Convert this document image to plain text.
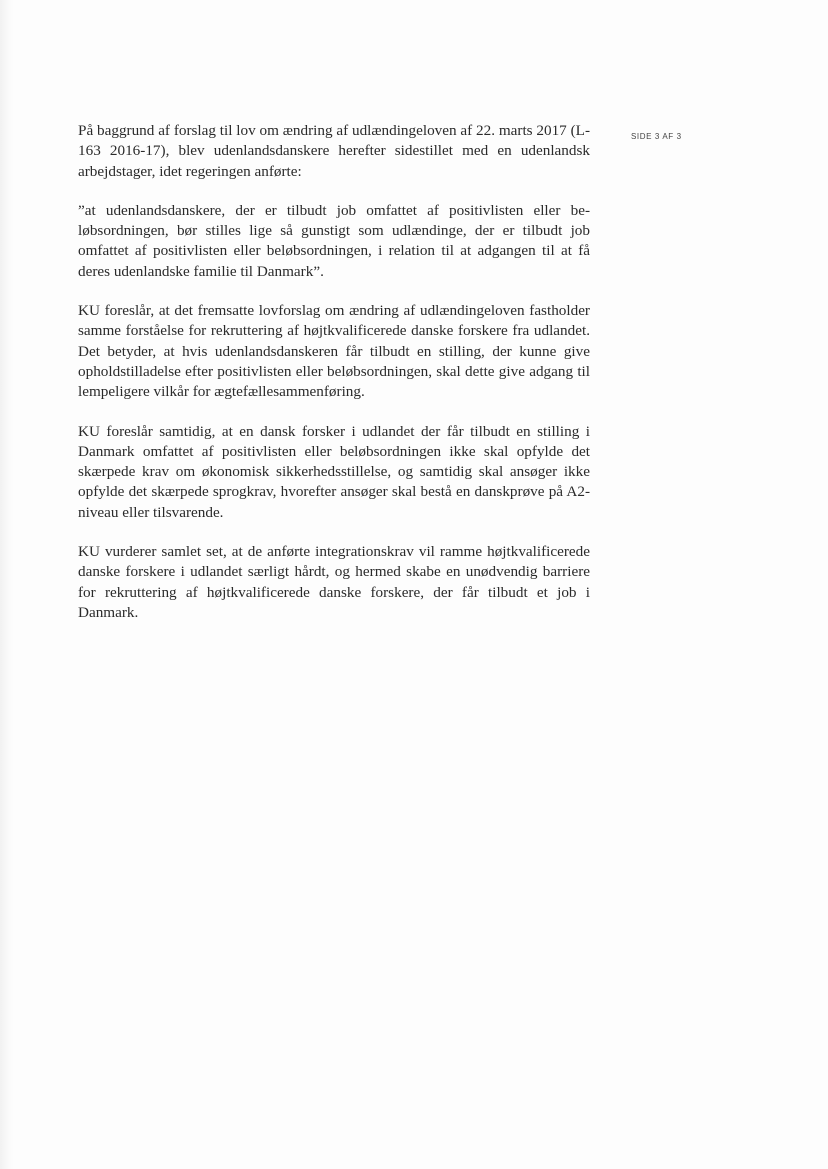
SIDE 3 AF 3

På baggrund af forslag til lov om ændring af udlændingeloven af 22. marts 2017 (L-163 2016-17), blev udenlandsdanskere herefter sidestillet med en udenlandsk arbejdstager, idet regeringen anførte:

”at udenlandsdanskere, der er tilbudt job omfattet af positivlisten eller beløbsordningen, bør stilles lige så gunstigt som udlændinge, der er tilbudt job omfattet af positivlisten eller beløbsordningen, i relation til at adgangen til at få deres udenlandske familie til Danmark”.

KU foreslår, at det fremsatte lovforslag om ændring af udlændingeloven fastholder samme forståelse for rekruttering af højtkvalificerede danske forskere fra udlandet. Det betyder, at hvis udenlandsdanskeren får tilbudt en stilling, der kunne give opholdstilladelse efter positivlisten eller beløbsordningen, skal dette give adgang til lempeligere vilkår for ægtefællesammenføring.

KU foreslår samtidig, at en dansk forsker i udlandet der får tilbudt en stilling i Danmark omfattet af positivlisten eller beløbsordningen ikke skal opfylde det skærpede krav om økonomisk sikkerhedsstillelse, og samtidig skal ansøger ikke opfylde det skærpede sprogkrav, hvorefter ansøger skal bestå en danskprøve på A2-niveau eller tilsvarende.

KU vurderer samlet set, at de anførte integrationskrav vil ramme højtkvalificerede danske forskere i udlandet særligt hårdt, og hermed skabe en unødvendig barriere for rekruttering af højtkvalificerede danske forskere, der får tilbudt et job i Danmark.
